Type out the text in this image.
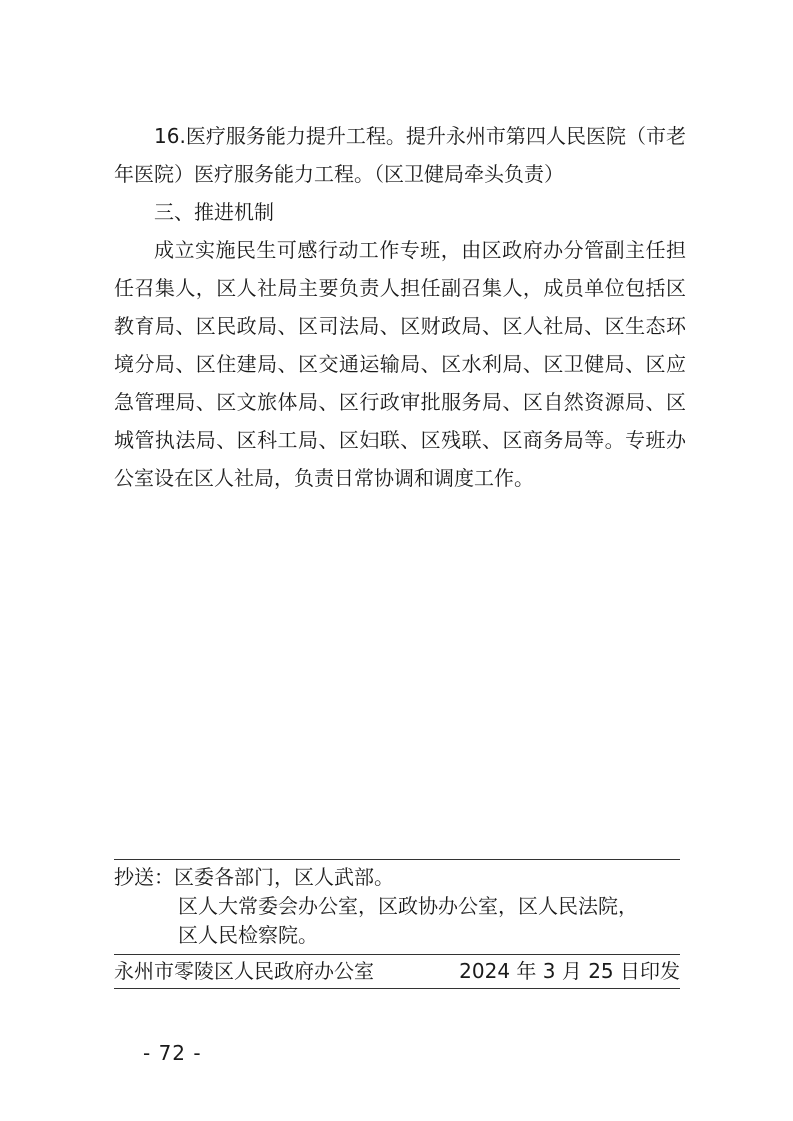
16.医疗服务能力提升工程。提升永州市第四人民医院（市老年医院）医疗服务能力工程。（区卫健局牵头负责）

三、推进机制

成立实施民生可感行动工作专班，由区政府办分管副主任担任召集人，区人社局主要负责人担任副召集人，成员单位包括区教育局、区民政局、区司法局、区财政局、区人社局、区生态环境分局、区住建局、区交通运输局、区水利局、区卫健局、区应急管理局、区文旅体局、区行政审批服务局、区自然资源局、区城管执法局、区科工局、区妇联、区残联、区商务局等。专班办公室设在区人社局，负责日常协调和调度工作。

抄送：区委各部门，区人武部。
区人大常委会办公室，区政协办公室，区人民法院，
区人民检察院。
永州市零陵区人民政府办公室	2024 年 3 月 25 日印发
- 72 -
